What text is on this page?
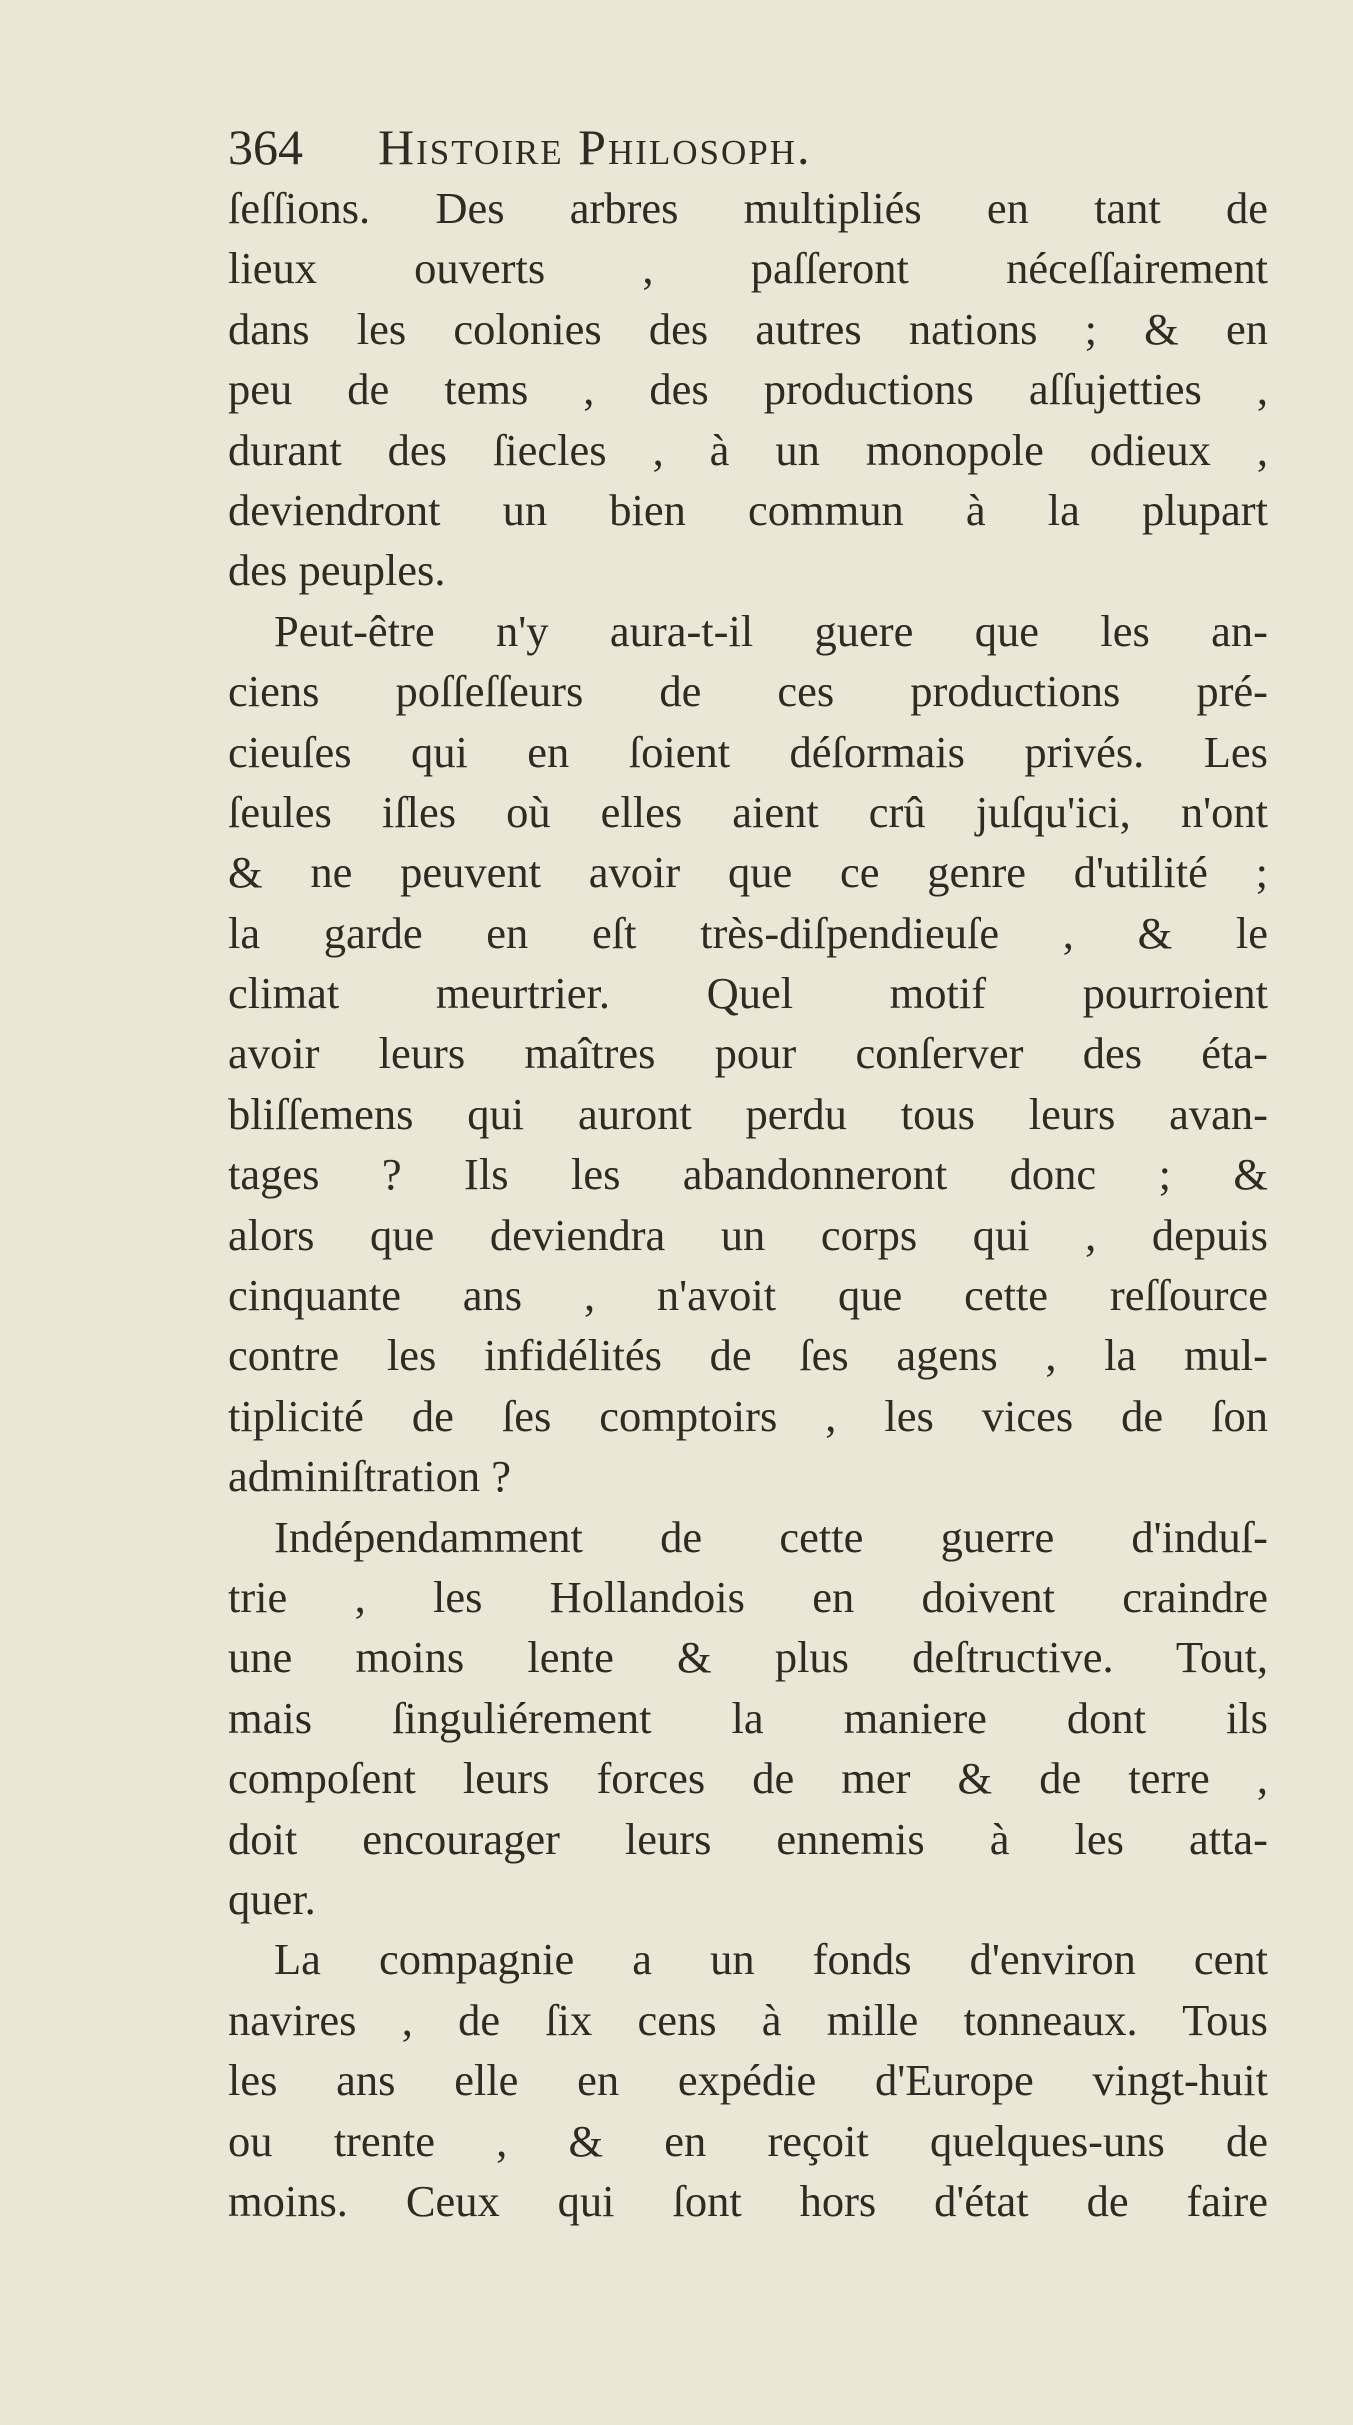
364 Histoire Philosoph.
ſeſſions. Des arbres multipliés en tant de
lieux ouverts , paſſeront néceſſairement
dans les colonies des autres nations ; & en
peu de tems , des productions aſſujetties ,
durant des ſiecles , à un monopole odieux ,
deviendront un bien commun à la plupart
des peuples.
Peut-être n'y aura-t-il guere que les an-
ciens poſſeſſeurs de ces productions pré-
cieuſes qui en ſoient déſormais privés. Les
ſeules iſles où elles aient crû juſqu'ici, n'ont
& ne peuvent avoir que ce genre d'utilité ;
la garde en eſt très-diſpendieuſe , & le
climat meurtrier. Quel motif pourroient
avoir leurs maîtres pour conſerver des éta-
bliſſemens qui auront perdu tous leurs avan-
tages ? Ils les abandonneront donc ; &
alors que deviendra un corps qui , depuis
cinquante ans , n'avoit que cette reſſource
contre les infidélités de ſes agens , la mul-
tiplicité de ſes comptoirs , les vices de ſon
adminiſtration ?
Indépendamment de cette guerre d'induſ-
trie , les Hollandois en doivent craindre
une moins lente & plus deſtructive. Tout,
mais ſinguliérement la maniere dont ils
compoſent leurs forces de mer & de terre ,
doit encourager leurs ennemis à les atta-
quer.
La compagnie a un fonds d'environ cent
navires , de ſix cens à mille tonneaux. Tous
les ans elle en expédie d'Europe vingt-huit
ou trente , & en reçoit quelques-uns de
moins. Ceux qui ſont hors d'état de faire
